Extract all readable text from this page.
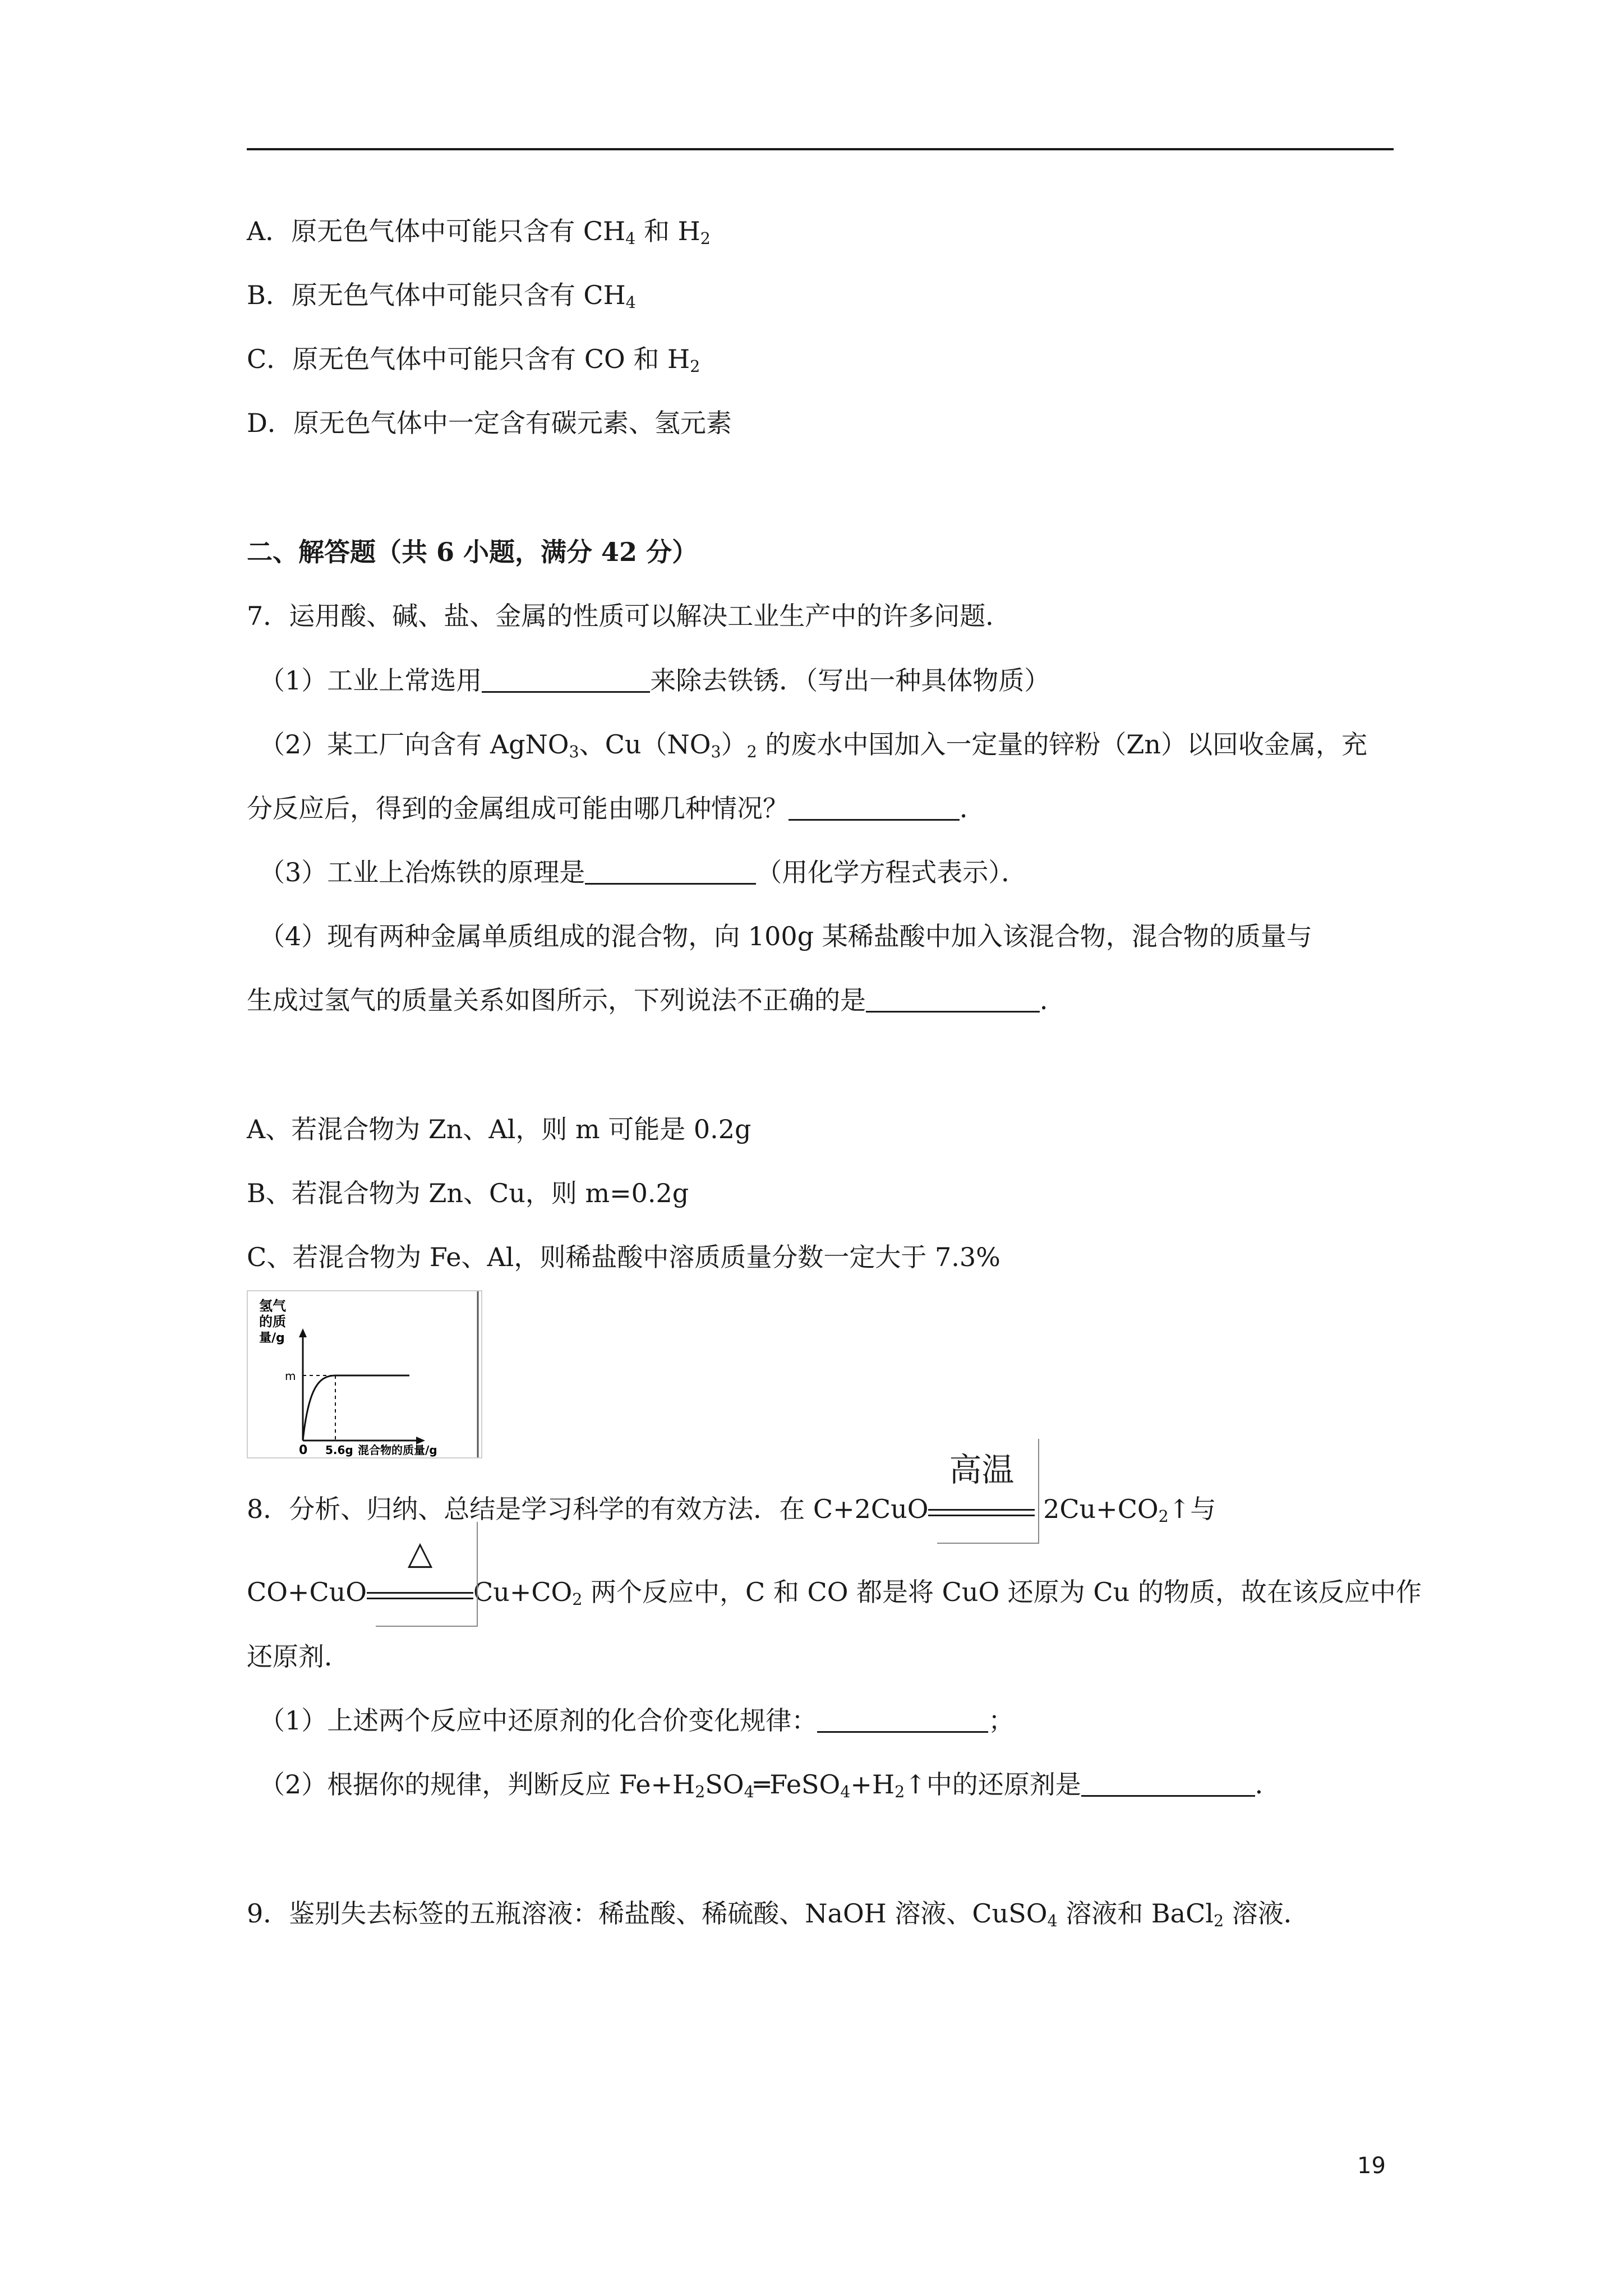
A．原无色气体中可能只含有 $CH_4$ 和 $H_2$
B．原无色气体中可能只含有 $CH_4$
C．原无色气体中可能只含有 CO 和 $H_2$
D．原无色气体中一定含有碳元素、氢元素
二、解答题（共 6 小题，满分 42 分）
7．运用酸、碱、盐、金属的性质可以解决工业生产中的许多问题．
（1）工业上常选用	来除去铁锈．（写出一种具体物质）
（2）某工厂向含有 AgNO$_3$、$Cu(NO_3)_2$ 的废水中国加入一定量的锌粉（Zn）以回收金属，充
分反应后，得到的金属组成可能由哪几种情况？	．
（3）工业上冶炼铁的原理是	（用化学方程式表示）．
（4）现有两种金属单质组成的混合物，向 100g 某稀盐酸中加入该混合物，混合物的质量与
生成过氢气的质量关系如图所示，下列说法不正确的是	．
A、若混合物为 Zn、Al，则 m 可能是 0.2g
B、若混合物为 Zn、Cu，则 m=0.2g
C、若混合物为 Fe、Al，则稀盐酸中溶质质量分数一定大于 7.3%
氢气
的质
量/g
m
0 5.6g 混合物的质量/g
8．分析、归纳、总结是学习科学的有效方法．在 C+2CuO
高温
$2Cu+CO_2↑$与
CO+CuO
△
$Cu+CO_2$ 两个反应中，C 和 CO 都是将 CuO 还原为 Cu 的物质，故在该反应中作
还原剂．
（1）上述两个反应中还原剂的化合价变化规律：	；
（2）根据你的规律，判断反应 $Fe+H_2SO_4═FeSO_4+H_2↑$中的还原剂是	．
9．鉴别失去标签的五瓶溶液：稀盐酸、稀硫酸、NaOH 溶液、CuSO$_4$ 溶液和 BaCl$_2$ 溶液．
19
